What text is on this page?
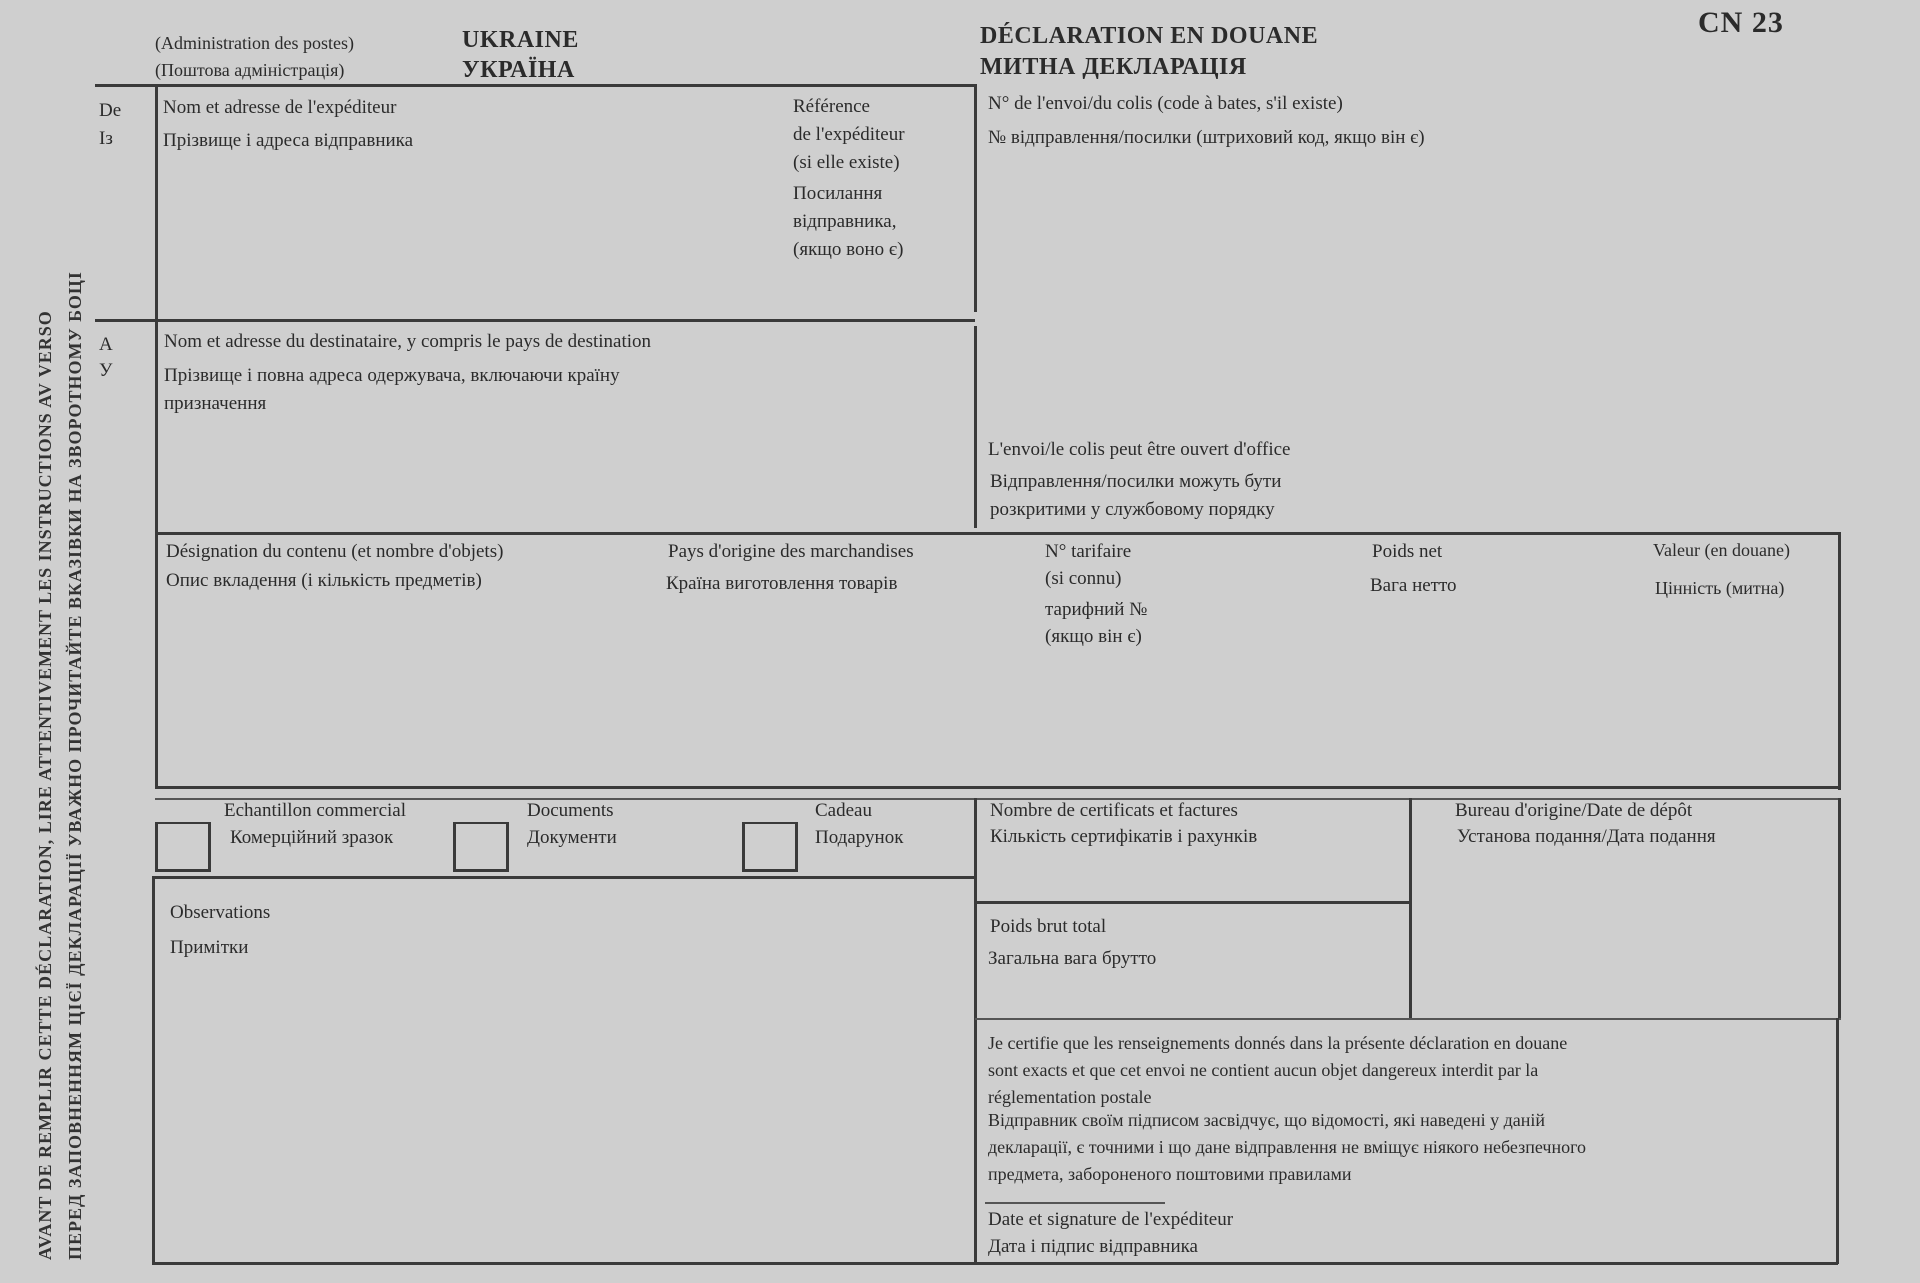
AVANT DE REMPLIR CETTE DÉCLARATION, LIRE ATTENTIVEMENT LES INSTRUCTIONS AV VERSO ПЕРЕД ЗАПОВНЕННЯМ ЦІЄЇ ДЕКЛАРАЦІЇ УВАЖНО ПРОЧИТАЙТЕ ВКАЗІВКИ НА ЗВОРОТНОМУ БОЦІ
(Administration des postes)
(Поштова адміністрація)
UKRAINE
УКРАЇНА
DÉCLARATION EN DOUANE
МИТНА ДЕКЛАРАЦІЯ
CN 23
De
Із
Nom et adresse de l'expéditeur
Прізвище і адреса відправника
Référence
de l'expéditeur
(si elle existe)
Посилання
відправника,
(якщо воно є)
N° de l'envoi/du colis (code à bates, s'il existe)
№ відправлення/посилки (штриховий код, якщо він є)
A
У
Nom et adresse du destinataire, y compris le pays de destination
Прізвище і повна адреса одержувача, включаючи країну
призначення
L'envoi/le colis peut être ouvert d'office
Відправлення/посилки можуть бути
розкритими у службовому порядку
Désignation du contenu (et nombre d'objets)
Опис вкладення (і кількість предметів)
Pays d'origine des marchandises
Країна виготовлення товарів
N° tarifaire
(si connu)
тарифний №
(якщо він є)
Poids net
Вага нетто
Valeur (en douane)
Цінність (митна)
Echantillon commercial
Комерційний зразок
Documents
Документи
Cadeau
Подарунок
Nombre de certificats et factures
Кількість сертифікатів і рахунків
Bureau d'origine/Date de dépôt
Установа подання/Дата подання
Observations
Примітки
Poids brut total
Загальна вага брутто
Je certifie que les renseignements donnés dans la présente déclaration en douane
sont exacts et que cet envoi ne contient aucun objet dangereux interdit par la
réglementation postale
Відправник своїм підписом засвідчує, що відомості, які наведені у даній
декларації, є точними і що дане відправлення не вміщує ніякого небезпечного
предмета, забороненого поштовими правилами
Date et signature de l'expéditeur
Дата і підпис відправника
